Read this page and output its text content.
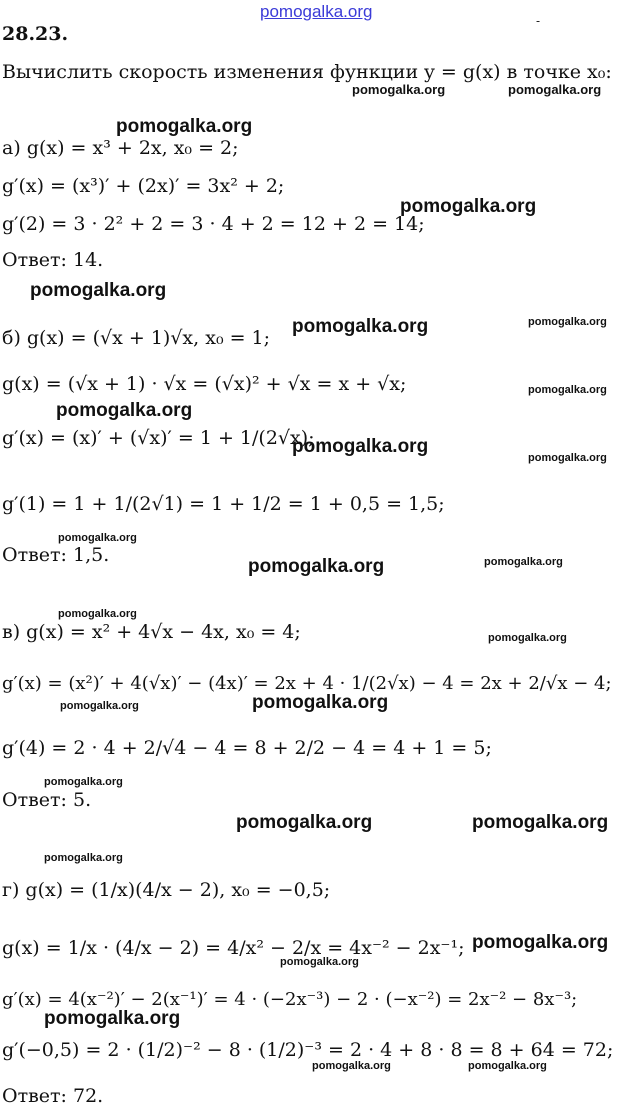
pomogalka.org	-
28.23.
Вычислить скорость изменения функции y = g(x) в точке x₀:
а) g(x) = x³ + 2x, x₀ = 2;
g′(x) = (x³)′ + (2x)′ = 3x² + 2;
g′(2) = 3 · 2² + 2 = 3 · 4 + 2 = 12 + 2 = 14;
Ответ: 14.
б) g(x) = (√x + 1)√x, x₀ = 1;
g(x) = (√x + 1) · √x = (√x)² + √x = x + √x;
g′(x) = (x)′ + (√x)′ = 1 + 1/(2√x);
g′(1) = 1 + 1/(2√1) = 1 + 1/2 = 1 + 0,5 = 1,5;
Ответ: 1,5.
в) g(x) = x² + 4√x − 4x, x₀ = 4;
g′(x) = (x²)′ + 4(√x)′ − (4x)′ = 2x + 4 · 1/(2√x) − 4 = 2x + 2/√x − 4;
g′(4) = 2 · 4 + 2/√4 − 4 = 8 + 2/2 − 4 = 4 + 1 = 5;
Ответ: 5.
г) g(x) = (1/x)(4/x − 2), x₀ = −0,5;
g(x) = 1/x · (4/x − 2) = 4/x² − 2/x = 4x⁻² − 2x⁻¹;
g′(x) = 4(x⁻²)′ − 2(x⁻¹)′ = 4 · (−2x⁻³) − 2 · (−x⁻²) = 2x⁻² − 8x⁻³;
g′(−0,5) = 2 · (1/2)⁻² − 8 · (1/2)⁻³ = 2 · 4 + 8 · 8 = 8 + 64 = 72;
Ответ: 72.
pomogalka.org	pomogalka.org
pomogalka.org
pomogalka.org
pomogalka.org
pomogalka.org	pomogalka.org
pomogalka.org
pomogalka.org
pomogalka.org
pomogalka.org
pomogalka.org
pomogalka.org	pomogalka.org
pomogalka.org
pomogalka.org
pomogalka.org	pomogalka.org
pomogalka.org
pomogalka.org	pomogalka.org
pomogalka.org
pomogalka.org
pomogalka.org
pomogalka.org
pomogalka.org	pomogalka.org
